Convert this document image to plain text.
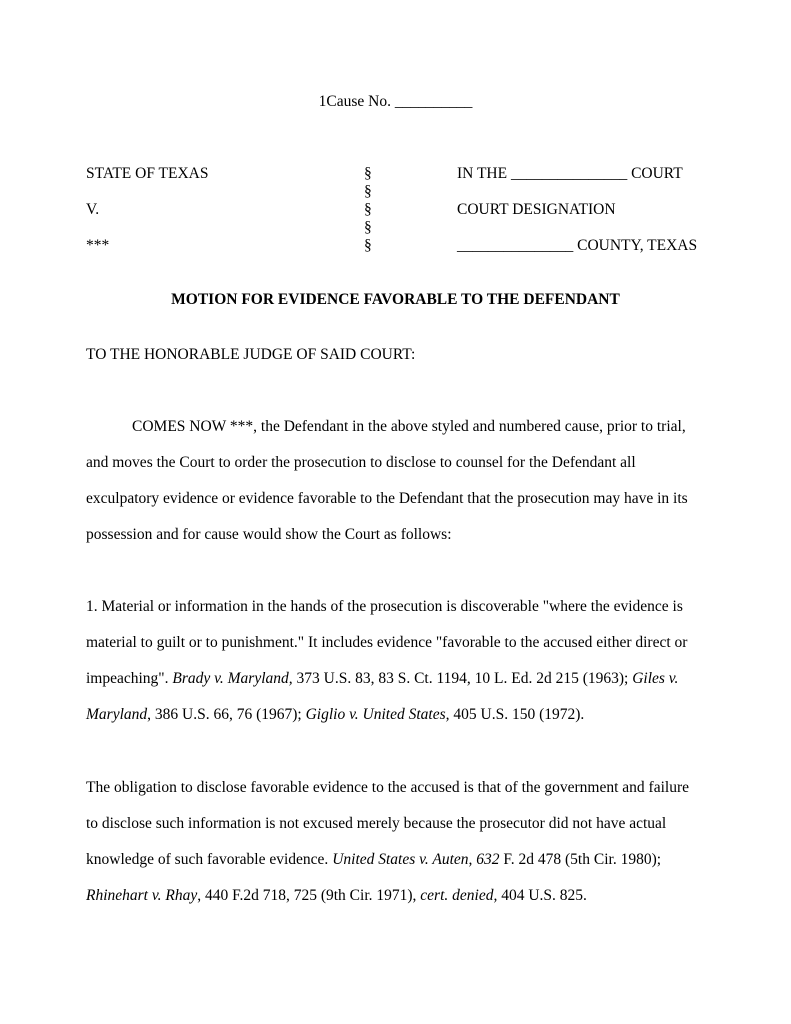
1Cause No. __________
STATE OF TEXAS
V.
***
§
§
§
§
§
IN THE _______________ COURT
COURT DESIGNATION
_______________ COUNTY, TEXAS
MOTION FOR EVIDENCE FAVORABLE TO THE DEFENDANT
TO THE HONORABLE JUDGE OF SAID COURT:
COMES NOW ***, the Defendant in the above styled and numbered cause, prior to trial,
and moves the Court to order the prosecution to disclose to counsel for the Defendant all
exculpatory evidence or evidence favorable to the Defendant that the prosecution may have in its
possession and for cause would show the Court as follows:
1. Material or information in the hands of the prosecution is discoverable "where the evidence is
material to guilt or to punishment." It includes evidence "favorable to the accused either direct or
impeaching". Brady v. Maryland, 373 U.S. 83, 83 S. Ct. 1194, 10 L. Ed. 2d 215 (1963); Giles v.
Maryland, 386 U.S. 66, 76 (1967); Giglio v. United States, 405 U.S. 150 (1972).
The obligation to disclose favorable evidence to the accused is that of the government and failure
to disclose such information is not excused merely because the prosecutor did not have actual
knowledge of such favorable evidence. United States v. Auten, 632 F. 2d 478 (5th Cir. 1980);
Rhinehart v. Rhay, 440 F.2d 718, 725 (9th Cir. 1971), cert. denied, 404 U.S. 825.
